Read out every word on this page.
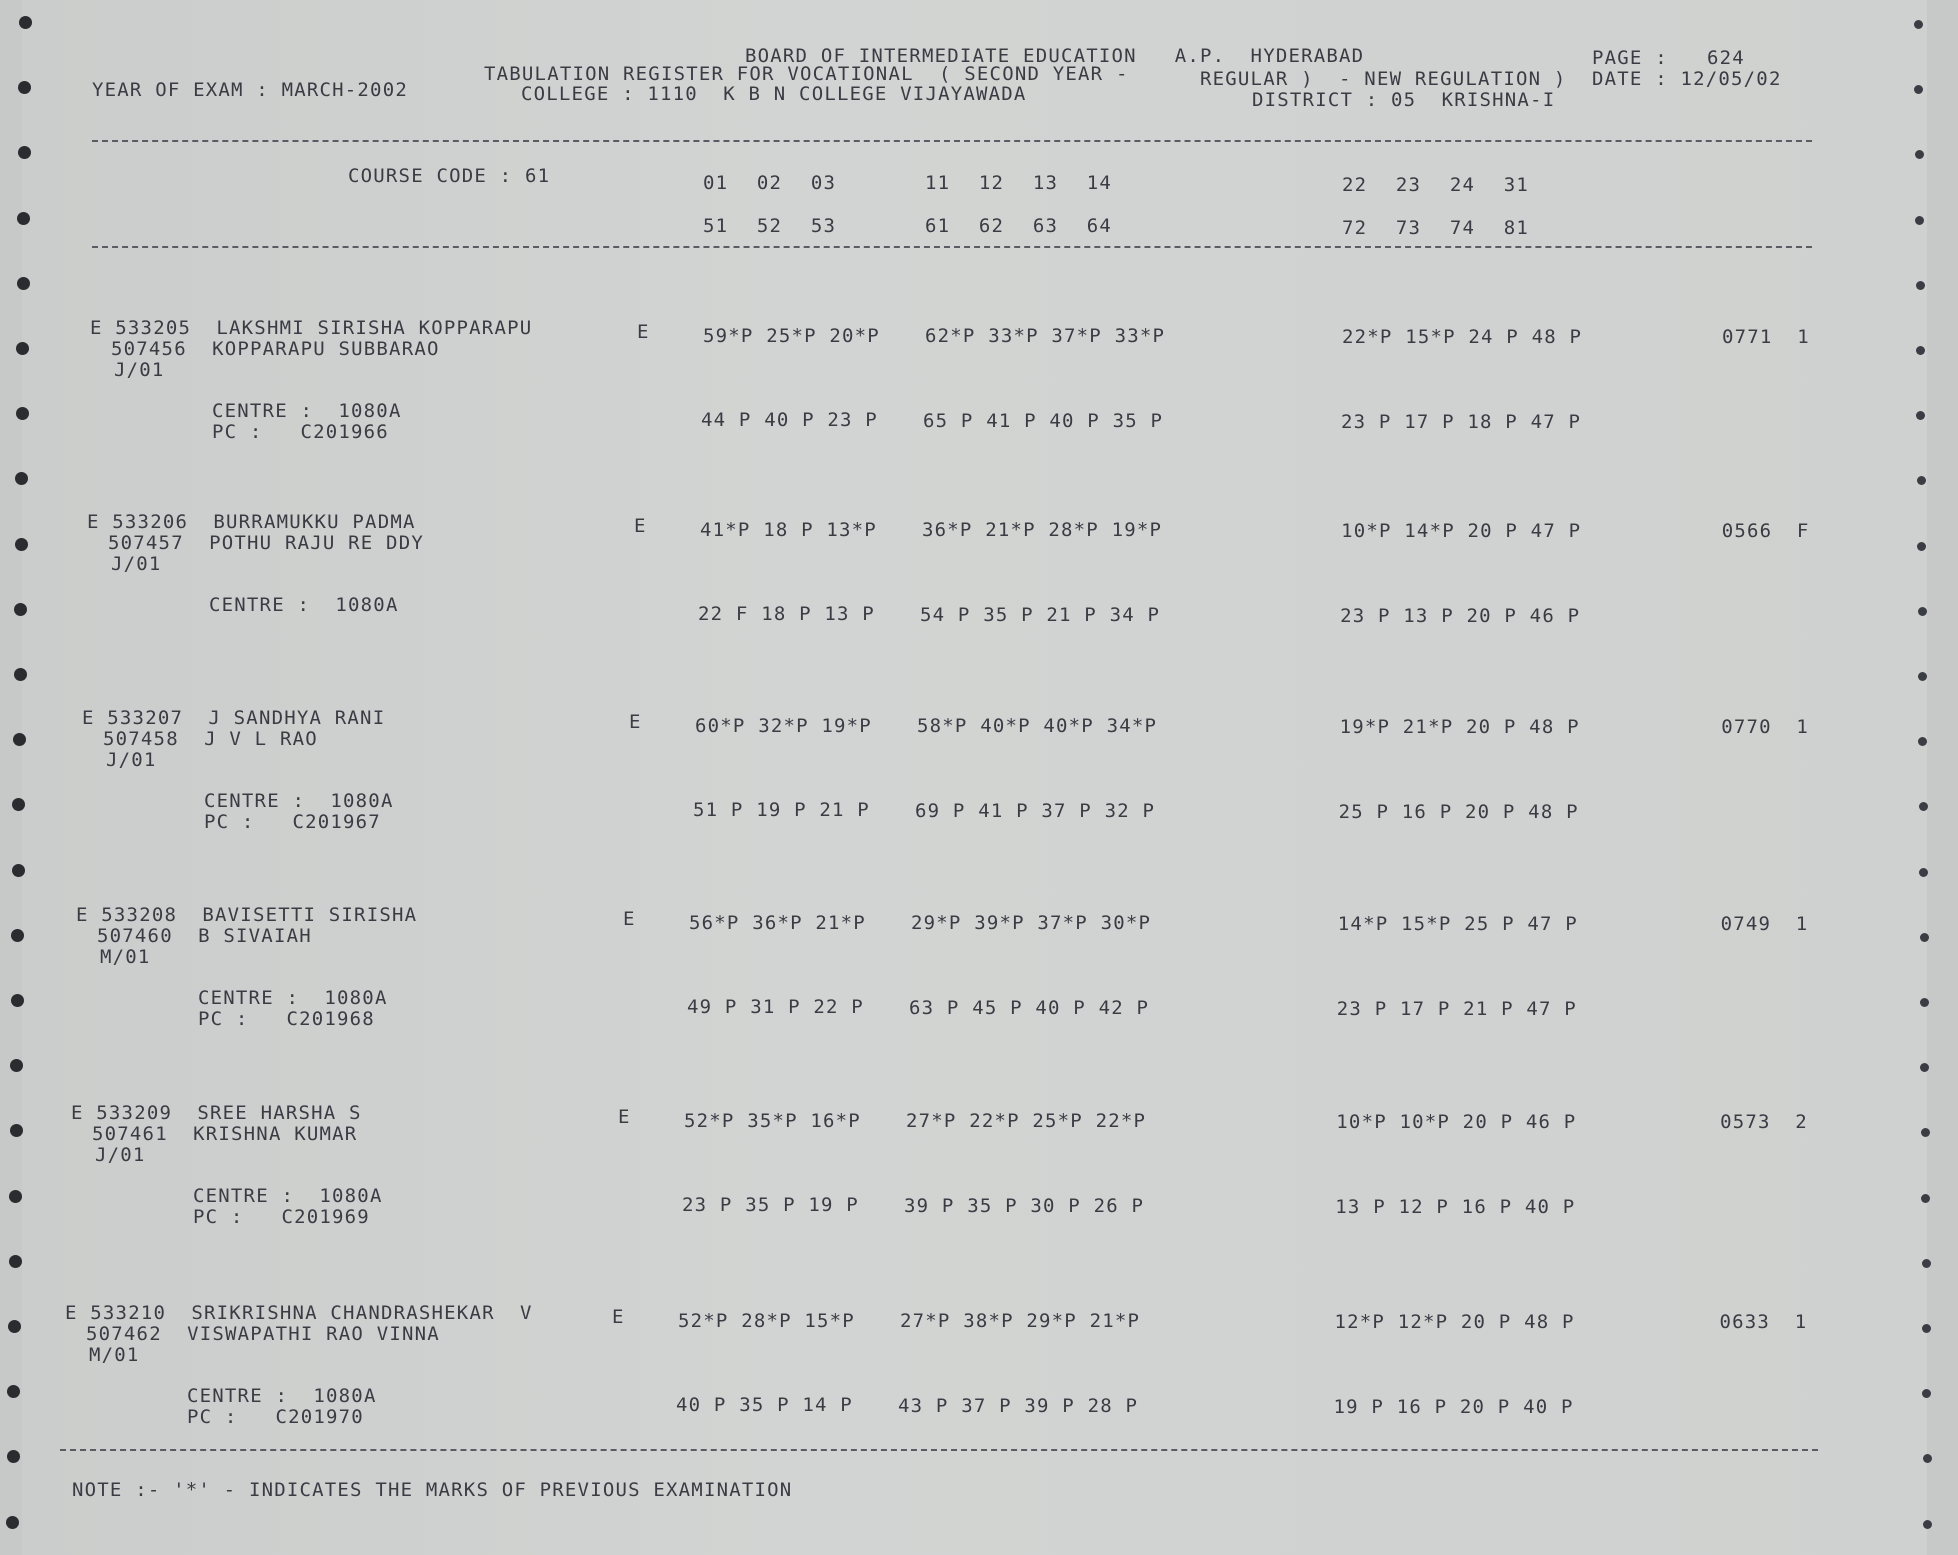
BOARD OF INTERMEDIATE EDUCATION   A.P.  HYDERABAD
TABULATION REGISTER FOR VOCATIONAL  ( SECOND YEAR -
COLLEGE : 1110  K B N COLLEGE VIJAYAWADA
YEAR OF EXAM : MARCH-2002	REGULAR )  - NEW REGULATION )
DISTRICT : 05  KRISHNA-I
PAGE : 624
DATE : 12/05/02
COURSE CODE : 61	01 02 03	11 12 13 14	22 23 24 31
51 52 53	61 62 63 64	72 73 74 81
E 533205  LAKSHMI SIRISHA KOPPARAPU
507456  KOPPARAPU SUBBARAO
J/01
E	59*P 25*P 20*P 62*P 33*P 37*P 33*P	22*P 15*P 24 P 48 P	0771 1
CENTRE :  1080A
PC :   C201966
44 P 40 P 23 P 65 P 41 P 40 P 35 P	23 P 17 P 18 P 47 P
E 533206  BURRAMUKKU PADMA
507457  POTHU RAJU RE DDY
J/01
E	41*P 18 P 13*P 36*P 21*P 28*P 19*P	10*P 14*P 20 P 47 P	0566 F
CENTRE :  1080A	22 F 18 P 13 P 54 P 35 P 21 P 34 P	23 P 13 P 20 P 46 P
E 533207  J SANDHYA RANI
507458  J V L RAO
J/01
E	60*P 32*P 19*P 58*P 40*P 40*P 34*P	19*P 21*P 20 P 48 P	0770 1
CENTRE :  1080A
PC :   C201967
51 P 19 P 21 P 69 P 41 P 37 P 32 P	25 P 16 P 20 P 48 P
E 533208  BAVISETTI SIRISHA
507460  B SIVAIAH
M/01
E	56*P 36*P 21*P 29*P 39*P 37*P 30*P	14*P 15*P 25 P 47 P	0749 1
CENTRE :  1080A
PC :   C201968
49 P 31 P 22 P 63 P 45 P 40 P 42 P	23 P 17 P 21 P 47 P
E 533209  SREE HARSHA S
507461  KRISHNA KUMAR
J/01
E	52*P 35*P 16*P 27*P 22*P 25*P 22*P	10*P 10*P 20 P 46 P	0573 2
CENTRE :  1080A
PC :   C201969
23 P 35 P 19 P 39 P 35 P 30 P 26 P	13 P 12 P 16 P 40 P
E 533210  SRIKRISHNA CHANDRASHEKAR  V
507462  VISWAPATHI RAO VINNA
M/01
E	52*P 28*P 15*P 27*P 38*P 29*P 21*P	12*P 12*P 20 P 48 P	0633 1
CENTRE :  1080A
PC :   C201970
40 P 35 P 14 P 43 P 37 P 39 P 28 P	19 P 16 P 20 P 40 P
NOTE :- '*' - INDICATES THE MARKS OF PREVIOUS EXAMINATION
